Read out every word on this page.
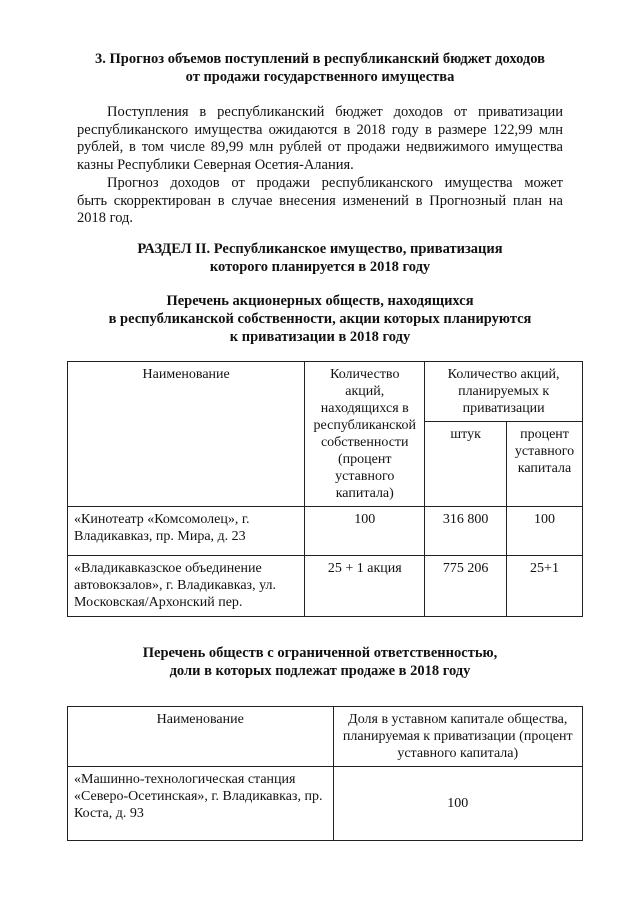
3. Прогноз объемов поступлений в республиканский бюджет доходов
от продажи государственного имущества
Поступления в республиканский бюджет доходов от приватизации
республиканского имущества ожидаются в 2018 году в размере 122,99 млн
рублей, в том числе 89,99 млн рублей от продажи недвижимого имущества
казны Республики Северная Осетия-Алания.
Прогноз доходов от продажи республиканского имущества может
быть скорректирован в случае внесения изменений в Прогнозный план на
2018 год.
РАЗДЕЛ II. Республиканское имущество, приватизация
которого планируется в 2018 году
Перечень акционерных обществ, находящихся
в республиканской собственности, акции которых планируются
к приватизации в 2018 году
Наименование	Количество акций, находящихся в республиканской собственности (процент уставного капитала)	Количество акций, планируемых к приватизации	
		штук	процент уставного капитала
«Кинотеатр «Комсомолец», г. Владикавказ, пр. Мира, д. 23	100	316 800	100
«Владикавказское объединение автовокзалов», г. Владикавказ, ул. Московская/Архонский пер.	25 + 1 акция	775 206	25+1
Перечень обществ с ограниченной ответственностью,
доли в которых подлежат продаже в 2018 году
Наименование	Доля в уставном капитале общества, планируемая к приватизации (процент уставного капитала)
«Машинно-технологическая станция «Северо-Осетинская», г. Владикавказ, пр. Коста, д. 93	100
